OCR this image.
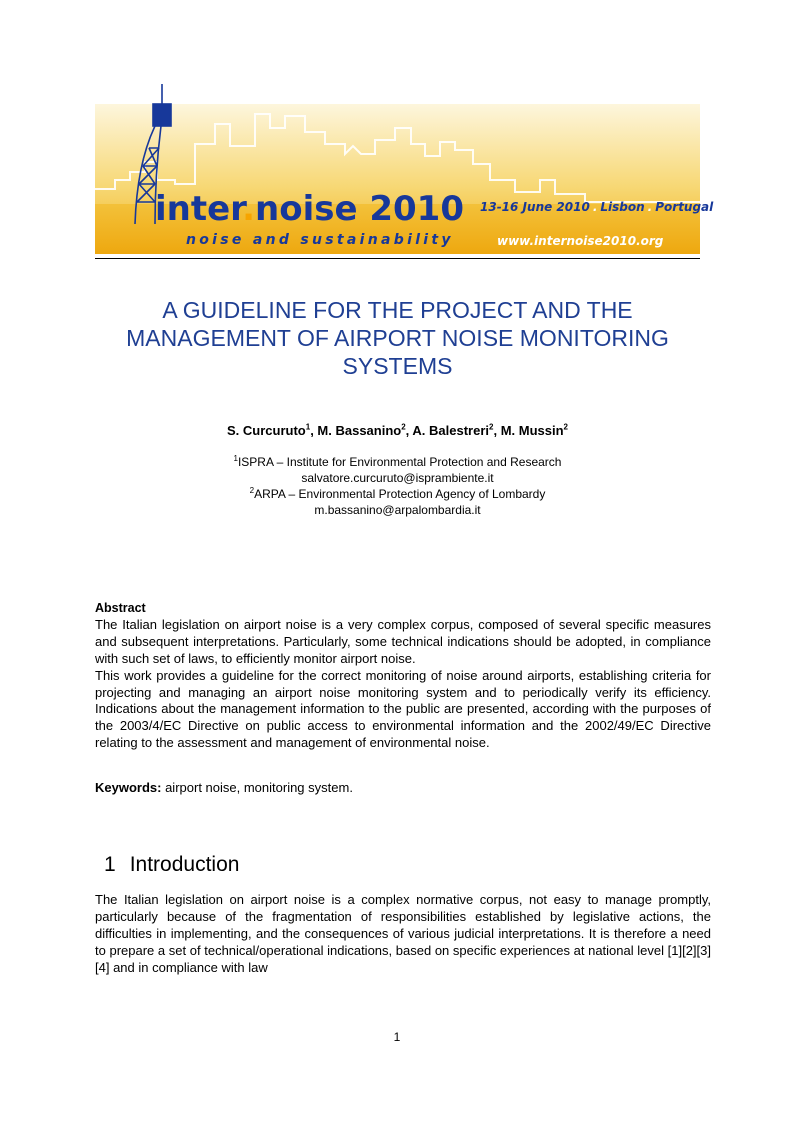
inter.noise 2010
noise and sustainability
13-16 June 2010 . Lisbon . Portugal
www.internoise2010.org
A GUIDELINE FOR THE PROJECT AND THE
MANAGEMENT OF AIRPORT NOISE MONITORING
SYSTEMS
S. Curcuruto$^1$, M. Bassanino$^2$, A. Balestreri$^2$, M. Mussin$^2$
$^1$ISPRA – Institute for Environmental Protection and Research
salvatore.curcuruto@isprambiente.it
$^2$ARPA – Environmental Protection Agency of Lombardy
m.bassanino@arpalombardia.it
Abstract

The Italian legislation on airport noise is a very complex corpus, composed of several specific measures and subsequent interpretations. Particularly, some technical indications should be adopted, in compliance with such set of laws, to efficiently monitor airport noise.

This work provides a guideline for the correct monitoring of noise around airports, establishing criteria for projecting and managing an airport noise monitoring system and to periodically verify its efficiency. Indications about the management information to the public are presented, according with the purposes of the 2003/4/EC Directive on public access to environmental information and the 2002/49/EC Directive relating to the assessment and management of environmental noise.

Keywords: airport noise, monitoring system.
1 Introduction

The Italian legislation on airport noise is a complex normative corpus, not easy to manage promptly, particularly because of the fragmentation of responsibilities established by legislative actions, the difficulties in implementing, and the consequences of various judicial interpretations. It is therefore a need to prepare a set of technical/operational indications, based on specific experiences at national level [1][2][3][4] and in compliance with law

1
